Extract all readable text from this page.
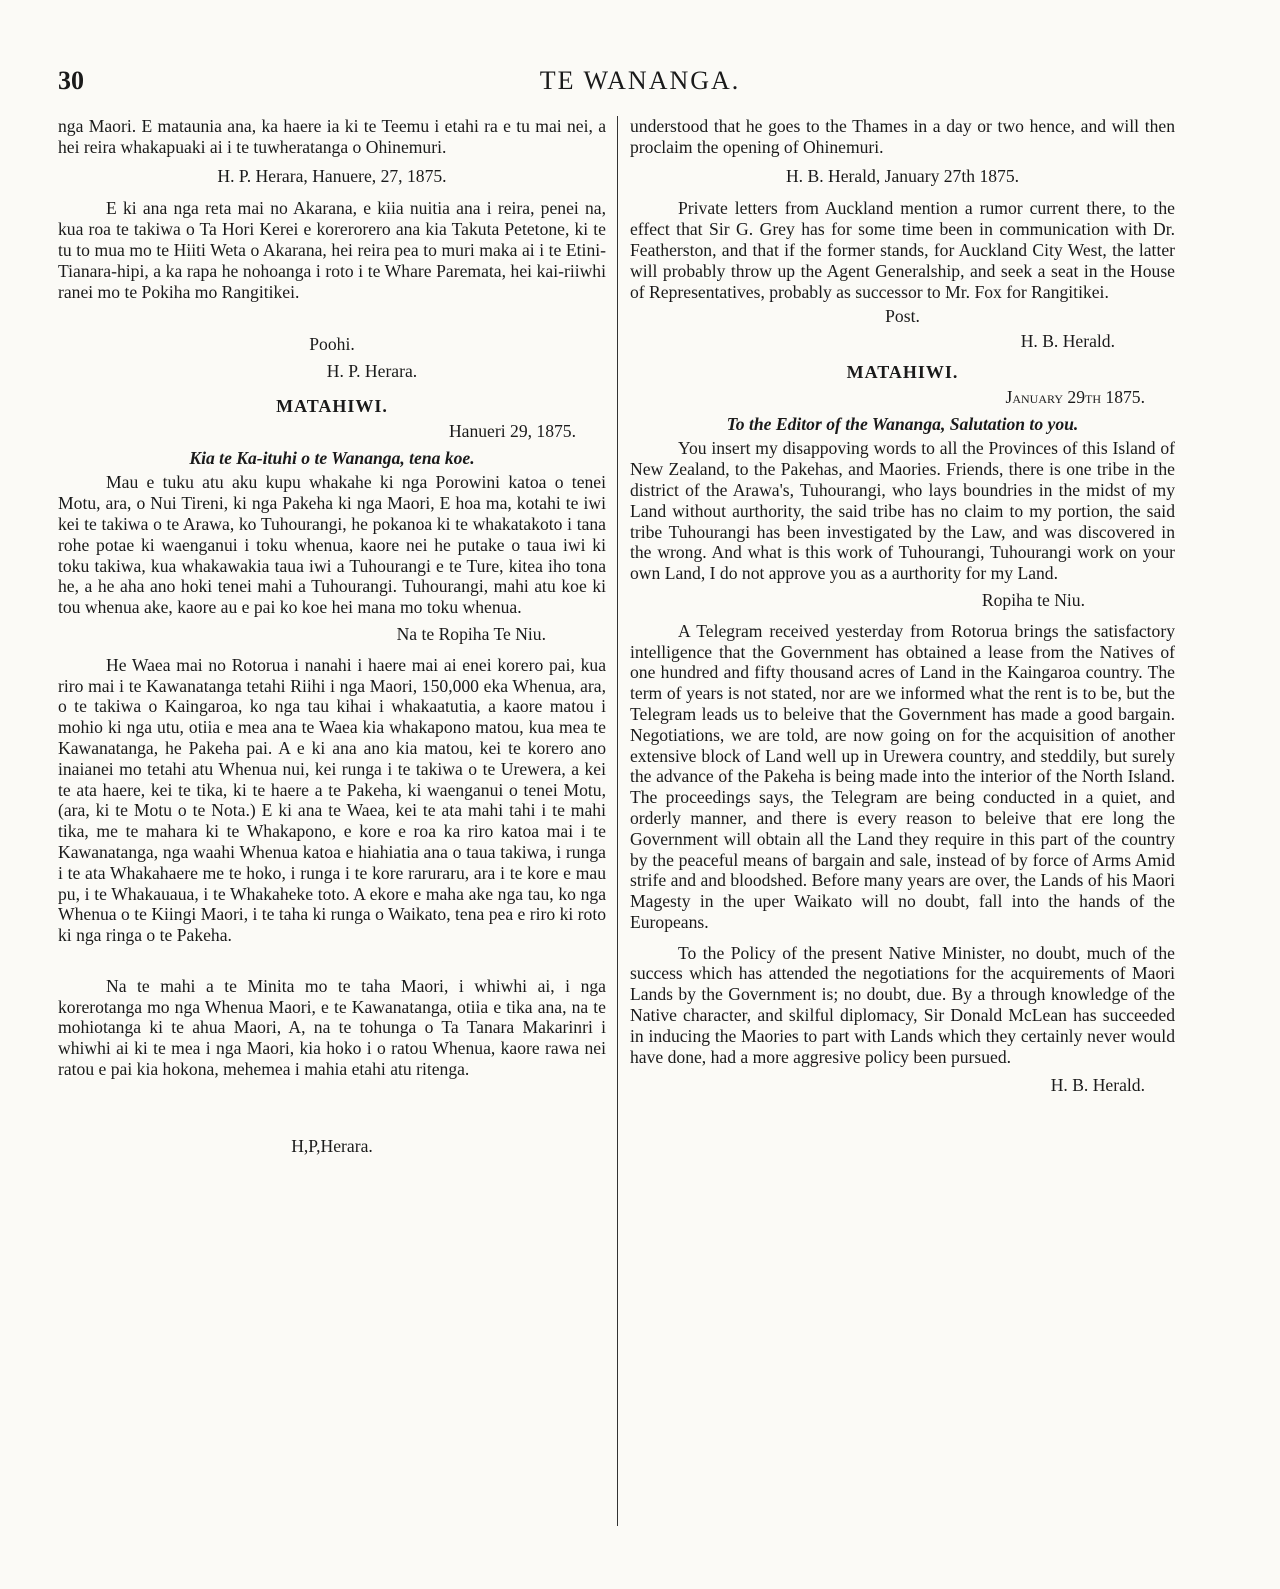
30	TE WANANGA.

nga Maori. E mataunia ana, ka haere ia ki te Teemu i etahi ra e tu mai nei, a hei reira whakapuaki ai i te tuwheratanga o Ohinemuri.

H. P. Herara, Hanuere, 27, 1875.

E ki ana nga reta mai no Akarana, e kiia nuitia ana i reira, penei na, kua roa te takiwa o Ta Hori Kerei e korerorero ana kia Takuta Petetone, ki te tu to mua mo te Hiiti Weta o Akarana, hei reira pea to muri maka ai i te Etini-Tianara-hipi, a ka rapa he nohoanga i roto i te Whare Paremata, hei kai-riiwhi ranei mo te Pokiha mo Rangitikei.

Poohi.

H. P. Herara.

MATAHIWI.

Hanueri 29, 1875.

Kia te Ka-ituhi o te Wananga, tena koe.

Mau e tuku atu aku kupu whakahe ki nga Porowini katoa o tenei Motu, ara, o Nui Tireni, ki nga Pakeha ki nga Maori, E hoa ma, kotahi te iwi kei te takiwa o te Arawa, ko Tuhourangi, he pokanoa ki te whakatakoto i tana rohe potae ki waenganui i toku whenua, kaore nei he putake o taua iwi ki toku takiwa, kua whakawakia taua iwi a Tuhourangi e te Ture, kitea iho tona he, a he aha ano hoki tenei mahi a Tuhourangi. Tuhourangi, mahi atu koe ki tou whenua ake, kaore au e pai ko koe hei mana mo toku whenua.

Na te Ropiha Te Niu.

He Waea mai no Rotorua i nanahi i haere mai ai enei korero pai, kua riro mai i te Kawanatanga tetahi Riihi i nga Maori, 150,000 eka Whenua, ara, o te takiwa o Kaingaroa, ko nga tau kihai i whakaatutia, a kaore matou i mohio ki nga utu, otiia e mea ana te Waea kia whakapono matou, kua mea te Kawanatanga, he Pakeha pai. A e ki ana ano kia matou, kei te korero ano inaianei mo tetahi atu Whenua nui, kei runga i te takiwa o te Urewera, a kei te ata haere, kei te tika, ki te haere a te Pakeha, ki waenganui o tenei Motu, (ara, ki te Motu o te Nota.) E ki ana te Waea, kei te ata mahi tahi i te mahi tika, me te mahara ki te Whakapono, e kore e roa ka riro katoa mai i te Kawanatanga, nga waahi Whenua katoa e hiahiatia ana o taua takiwa, i runga i te ata Whakahaere me te hoko, i runga i te kore raruraru, ara i te kore e mau pu, i te Whakauaua, i te Whakaheke toto. A ekore e maha ake nga tau, ko nga Whenua o te Kiingi Maori, i te taha ki runga o Waikato, tena pea e riro ki roto ki nga ringa o te Pakeha.

Na te mahi a te Minita mo te taha Maori, i whiwhi ai, i nga korerotanga mo nga Whenua Maori, e te Kawanatanga, otiia e tika ana, na te mohiotanga ki te ahua Maori, A, na te tohunga o Ta Tanara Makarinri i whiwhi ai ki te mea i nga Maori, kia hoko i o ratou Whenua, kaore rawa nei ratou e pai kia hokona, mehemea i mahia etahi atu ritenga.

H,P,Herara.

understood that he goes to the Thames in a day or two hence, and will then proclaim the opening of Ohinemuri.

H. B. Herald, January 27th 1875.

Private letters from Auckland mention a rumor current there, to the effect that Sir G. Grey has for some time been in communication with Dr. Featherston, and that if the former stands, for Auckland City West, the latter will probably throw up the Agent Generalship, and seek a seat in the House of Representatives, probably as successor to Mr. Fox for Rangitikei.

Post.

H. B. Herald.

MATAHIWI.

January 29th 1875.

To the Editor of the Wananga, Salutation to you.

You insert my disappoving words to all the Provinces of this Island of New Zealand, to the Pakehas, and Maories. Friends, there is one tribe in the district of the Arawa's, Tuhourangi, who lays boundries in the midst of my Land without aurthority, the said tribe has no claim to my portion, the said tribe Tuhourangi has been investigated by the Law, and was discovered in the wrong. And what is this work of Tuhourangi, Tuhourangi work on your own Land, I do not approve you as a aurthority for my Land.

Ropiha te Niu.

A Telegram received yesterday from Rotorua brings the satisfactory intelligence that the Government has obtained a lease from the Natives of one hundred and fifty thousand acres of Land in the Kaingaroa country. The term of years is not stated, nor are we informed what the rent is to be, but the Telegram leads us to beleive that the Government has made a good bargain. Negotiations, we are told, are now going on for the acquisition of another extensive block of Land well up in Urewera country, and steddily, but surely the advance of the Pakeha is being made into the interior of the North Island. The proceedings says, the Telegram are being conducted in a quiet, and orderly manner, and there is every reason to beleive that ere long the Government will obtain all the Land they require in this part of the country by the peaceful means of bargain and sale, instead of by force of Arms Amid strife and and bloodshed. Before many years are over, the Lands of his Maori Magesty in the uper Waikato will no doubt, fall into the hands of the Europeans.

To the Policy of the present Native Minister, no doubt, much of the success which has attended the negotiations for the acquirements of Maori Lands by the Government is; no doubt, due. By a through knowledge of the Native character, and skilful diplomacy, Sir Donald McLean has succeeded in inducing the Maories to part with Lands which they certainly never would have done, had a more aggresive policy been pursued.

H. B. Herald.
